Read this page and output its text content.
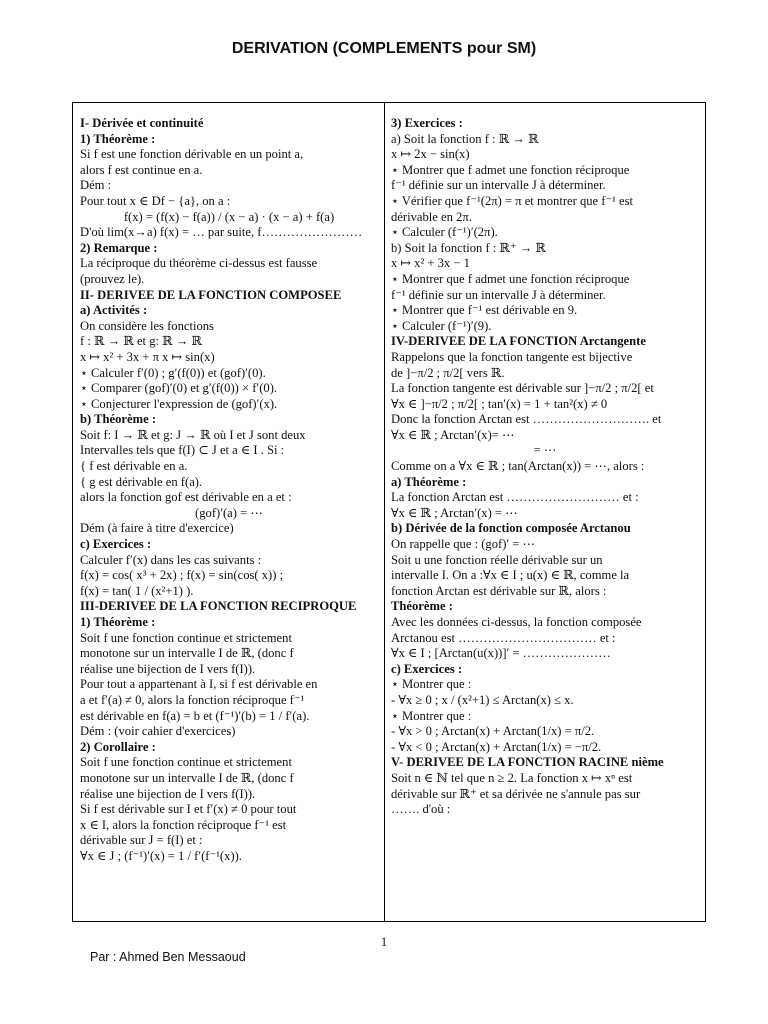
DERIVATION (COMPLEMENTS pour SM)
I- Dérivée et continuité
1) Théorème :
Si f est une fonction dérivable en un point a,
alors f est continue en a.
Dém :
Pour tout x ∈ Df − {a}, on a :
f(x) = (f(x) − f(a)) / (x − a) · (x − a) + f(a)
D'où lim(x→a) f(x) = … par suite, f……………………
2) Remarque :
La réciproque du théorème ci-dessus est fausse
(prouvez le).
II- DERIVEE DE LA FONCTION COMPOSEE
a) Activités :
On considère les fonctions
f : ℝ → ℝ et g: ℝ → ℝ
x ↦ x² + 3x + π x ↦ sin(x)
⋆ Calculer f′(0) ; g′(f(0)) et (gof)′(0).
⋆ Comparer (gof)′(0) et g′(f(0)) × f′(0).
⋆ Conjecturer l'expression de (gof)′(x).
b) Théorème :
Soit f: I → ℝ et g: J → ℝ où I et J sont deux
Intervalles tels que f(I) ⊂ J et a ∈ I . Si :
{ f est dérivable en a.
{ g est dérivable en f(a).
alors la fonction gof est dérivable en a et :
(gof)′(a) = ⋯
Dém (à faire à titre d'exercice)
c) Exercices :
Calculer f′(x) dans les cas suivants :
f(x) = cos( x³ + 2x) ; f(x) = sin(cos( x)) ;
f(x) = tan( 1 / (x²+1) ).
III-DERIVEE DE LA FONCTION RECIPROQUE
1) Théorème :
Soit f une fonction continue et strictement
monotone sur un intervalle I de ℝ, (donc f
réalise une bijection de I vers f(I)).
Pour tout a appartenant à I, si f est dérivable en
a et f′(a) ≠ 0, alors la fonction réciproque f⁻¹
est dérivable en f(a) = b et (f⁻¹)′(b) = 1 / f′(a).
Dém : (voir cahier d'exercices)
2) Corollaire :
Soit f une fonction continue et strictement
monotone sur un intervalle I de ℝ, (donc f
réalise une bijection de I vers f(I)).
Si f est dérivable sur I et f′(x) ≠ 0 pour tout
x ∈ I, alors la fonction réciproque f⁻¹ est
dérivable sur J = f(I) et :
∀x ∈ J ; (f⁻¹)′(x) = 1 / f′(f⁻¹(x)).
3) Exercices :
a) Soit la fonction f : ℝ → ℝ
x ↦ 2x − sin(x)
⋆ Montrer que f admet une fonction réciproque
f⁻¹ définie sur un intervalle J à déterminer.
⋆ Vérifier que f⁻¹(2π) = π et montrer que f⁻¹ est
dérivable en 2π.
⋆ Calculer (f⁻¹)′(2π).
b) Soit la fonction f : ℝ⁺ → ℝ
x ↦ x² + 3x − 1
⋆ Montrer que f admet une fonction réciproque
f⁻¹ définie sur un intervalle J à déterminer.
⋆ Montrer que f⁻¹ est dérivable en 9.
⋆ Calculer (f⁻¹)′(9).
IV-DERIVEE DE LA FONCTION Arctangente
Rappelons que la fonction tangente est bijective
de ]−π/2 ; π/2[ vers ℝ.
La fonction tangente est dérivable sur ]−π/2 ; π/2[ et
∀x ∈ ]−π/2 ; π/2[ ; tan′(x) = 1 + tan²(x) ≠ 0
Donc la fonction Arctan est ………………………. et
∀x ∈ ℝ ; Arctan′(x)= ⋯
= ⋯
Comme on a ∀x ∈ ℝ ; tan(Arctan(x)) = ⋯, alors :
a) Théorème :
La fonction Arctan est ……………………… et :
∀x ∈ ℝ ; Arctan′(x) = ⋯
b) Dérivée de la fonction composée Arctanou
On rappelle que : (gof)′ = ⋯
Soit u une fonction réelle dérivable sur un
intervalle I. On a :∀x ∈ I ; u(x) ∈ ℝ, comme la
fonction Arctan est dérivable sur ℝ, alors :
Théorème :
Avec les données ci-dessus, la fonction composée
Arctanou est …………………………… et :
∀x ∈ I ; [Arctan(u(x))]′ = …………………
c) Exercices :
⋆ Montrer que :
- ∀x ≥ 0 ; x / (x²+1) ≤ Arctan(x) ≤ x.
⋆ Montrer que :
- ∀x > 0 ; Arctan(x) + Arctan(1/x) = π/2.
- ∀x < 0 ; Arctan(x) + Arctan(1/x) = −π/2.
V- DERIVEE DE LA FONCTION RACINE nième
Soit n ∈ ℕ tel que n ≥ 2. La fonction x ↦ xⁿ est
dérivable sur ℝ⁺ et sa dérivée ne s'annule pas sur
……. d'où :
1
Par : Ahmed Ben Messaoud
